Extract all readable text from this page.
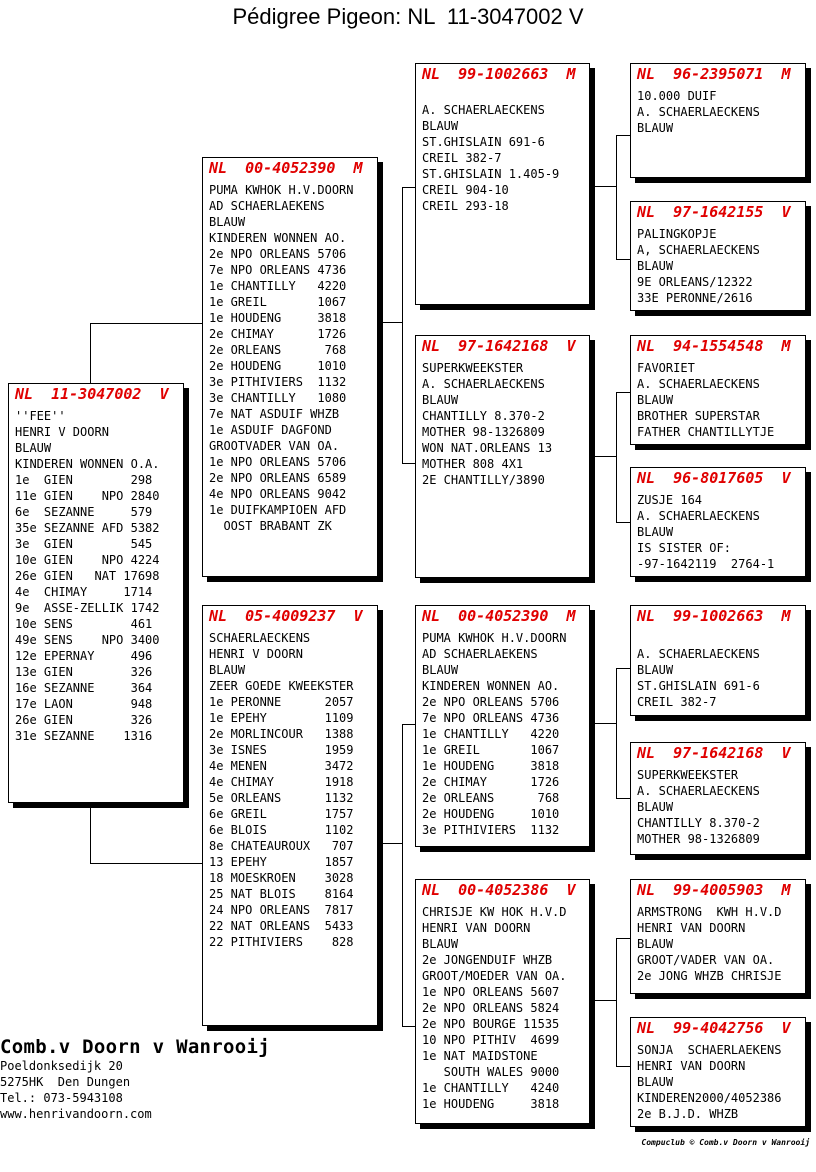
Pédigree Pigeon: NL  11-3047002 V
NL  11-3047002  V
''FEE''
HENRI V DOORN
BLAUW
KINDEREN WONNEN O.A.
1e  GIEN        298
11e GIEN    NPO 2840
6e  SEZANNE     579
35e SEZANNE AFD 5382
3e  GIEN        545
10e GIEN    NPO 4224
26e GIEN   NAT 17698
4e  CHIMAY     1714
9e  ASSE-ZELLIK 1742
10e SENS        461
49e SENS    NPO 3400
12e EPERNAY     496
13e GIEN        326
16e SEZANNE     364
17e LAON        948
26e GIEN        326
31e SEZANNE    1316
NL  00-4052390  M
PUMA KWHOK H.V.DOORN
AD SCHAERLAEKENS
BLAUW
KINDEREN WONNEN AO.
2e NPO ORLEANS 5706
7e NPO ORLEANS 4736
1e CHANTILLY   4220
1e GREIL       1067
1e HOUDENG     3818
2e CHIMAY      1726
2e ORLEANS      768
2e HOUDENG     1010
3e PITHIVIERS  1132
3e CHANTILLY   1080
7e NAT ASDUIF WHZB
1e ASDUIF DAGFOND
GROOTVADER VAN OA.
1e NPO ORLEANS 5706
2e NPO ORLEANS 6589
4e NPO ORLEANS 9042
1e DUIFKAMPIOEN AFD
OOST BRABANT ZK
NL  05-4009237  V
SCHAERLAECKENS
HENRI V DOORN
BLAUW
ZEER GOEDE KWEEKSTER
1e PERONNE      2057
1e EPEHY        1109
2e MORLINCOUR   1388
3e ISNES        1959
4e MENEN        3472
4e CHIMAY       1918
5e ORLEANS      1132
6e GREIL        1757
6e BLOIS        1102
8e CHATEAUROUX   707
13 EPEHY        1857
18 MOESKROEN    3028
25 NAT BLOIS    8164
24 NPO ORLEANS  7817
22 NAT ORLEANS  5433
22 PITHIVIERS    828
NL  99-1002663  M
A. SCHAERLAECKENS
BLAUW
ST.GHISLAIN 691-6
CREIL 382-7
ST.GHISLAIN 1.405-9
CREIL 904-10
CREIL 293-18
NL  97-1642168  V
SUPERKWEEKSTER
A. SCHAERLAECKENS
BLAUW
CHANTILLY 8.370-2
MOTHER 98-1326809
WON NAT.ORLEANS 13
MOTHER 808 4X1
2E CHANTILLY/3890
NL  00-4052390  M
PUMA KWHOK H.V.DOORN
AD SCHAERLAEKENS
BLAUW
KINDEREN WONNEN AO.
2e NPO ORLEANS 5706
7e NPO ORLEANS 4736
1e CHANTILLY   4220
1e GREIL       1067
1e HOUDENG     3818
2e CHIMAY      1726
2e ORLEANS      768
2e HOUDENG     1010
3e PITHIVIERS  1132
NL  00-4052386  V
CHRISJE KW HOK H.V.D
HENRI VAN DOORN
BLAUW
2e JONGENDUIF WHZB
GROOT/MOEDER VAN OA.
1e NPO ORLEANS 5607
2e NPO ORLEANS 5824
2e NPO BOURGE 11535
10 NPO PITHIV  4699
1e NAT MAIDSTONE
SOUTH WALES 9000
1e CHANTILLY   4240
1e HOUDENG     3818
NL  96-2395071  M
10.000 DUIF
A. SCHAERLAECKENS
BLAUW
NL  97-1642155  V
PALINGKOPJE
A, SCHAERLAECKENS
BLAUW
9E ORLEANS/12322
33E PERONNE/2616
NL  94-1554548  M
FAVORIET
A. SCHAERLAECKENS
BLAUW
BROTHER SUPERSTAR
FATHER CHANTILLYTJE
NL  96-8017605  V
ZUSJE 164
A. SCHAERLAECKENS
BLAUW
IS SISTER OF:
-97-1642119  2764-1
NL  99-1002663  M
A. SCHAERLAECKENS
BLAUW
ST.GHISLAIN 691-6
CREIL 382-7
NL  97-1642168  V
SUPERKWEEKSTER
A. SCHAERLAECKENS
BLAUW
CHANTILLY 8.370-2
MOTHER 98-1326809
NL  99-4005903  M
ARMSTRONG  KWH H.V.D
HENRI VAN DOORN
BLAUW
GROOT/VADER VAN OA.
2e JONG WHZB CHRISJE
NL  99-4042756  V
SONJA  SCHAERLAEKENS
HENRI VAN DOORN
BLAUW
KINDEREN2000/4052386
2e B.J.D. WHZB
Comb.v Doorn v Wanrooij
Poeldonksedijk 20
5275HK  Den Dungen
Tel.: 073-5943108
www.henrivandoorn.com
Compuclub © Comb.v Doorn v Wanrooij
